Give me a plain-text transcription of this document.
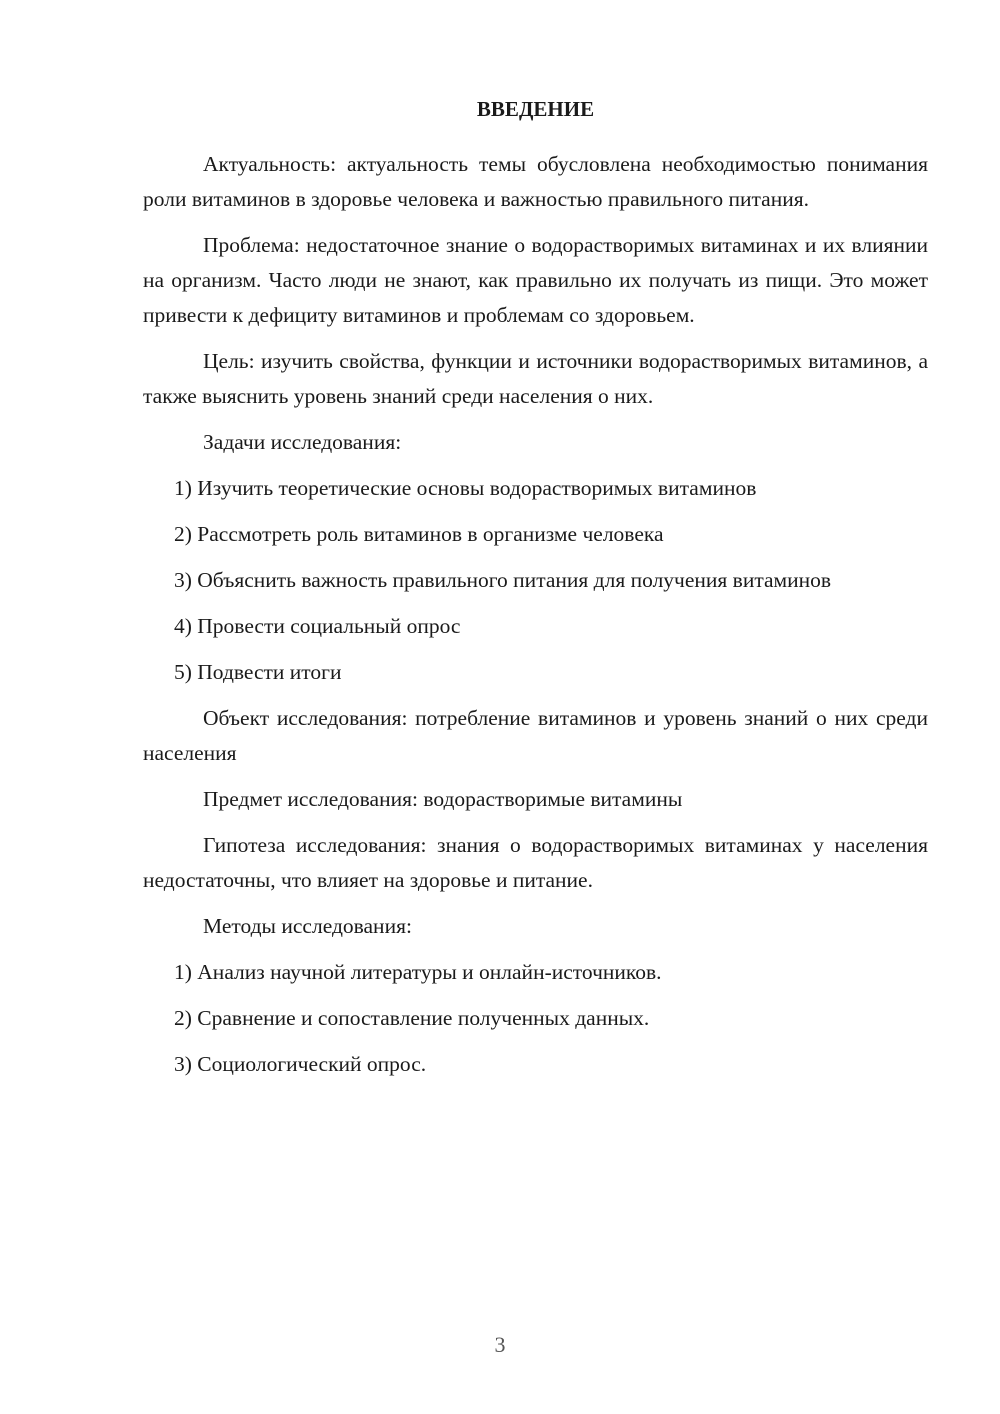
ВВЕДЕНИЕ

Актуальность: актуальность темы обусловлена необходимостью понимания роли витаминов в здоровье человека и важностью правильного питания.

Проблема: недостаточное знание о водорастворимых витаминах и их влиянии на организм. Часто люди не знают, как правильно их получать из пищи. Это может привести к дефициту витаминов и проблемам со здоровьем.

Цель: изучить свойства, функции и источники водорастворимых витаминов, а также выяснить уровень знаний среди населения о них.

Задачи исследования:

1) Изучить теоретические основы водорастворимых витаминов

2) Рассмотреть роль витаминов в организме человека

3) Объяснить важность правильного питания для получения витаминов

4) Провести социальный опрос

5) Подвести итоги

Объект исследования: потребление витаминов и уровень знаний о них среди населения

Предмет исследования: водорастворимые витамины

Гипотеза исследования: знания о водорастворимых витаминах у населения недостаточны, что влияет на здоровье и питание.

Методы исследования:

1) Анализ научной литературы и онлайн-источников.

2) Сравнение и сопоставление полученных данных.

3) Социологический опрос.

3
